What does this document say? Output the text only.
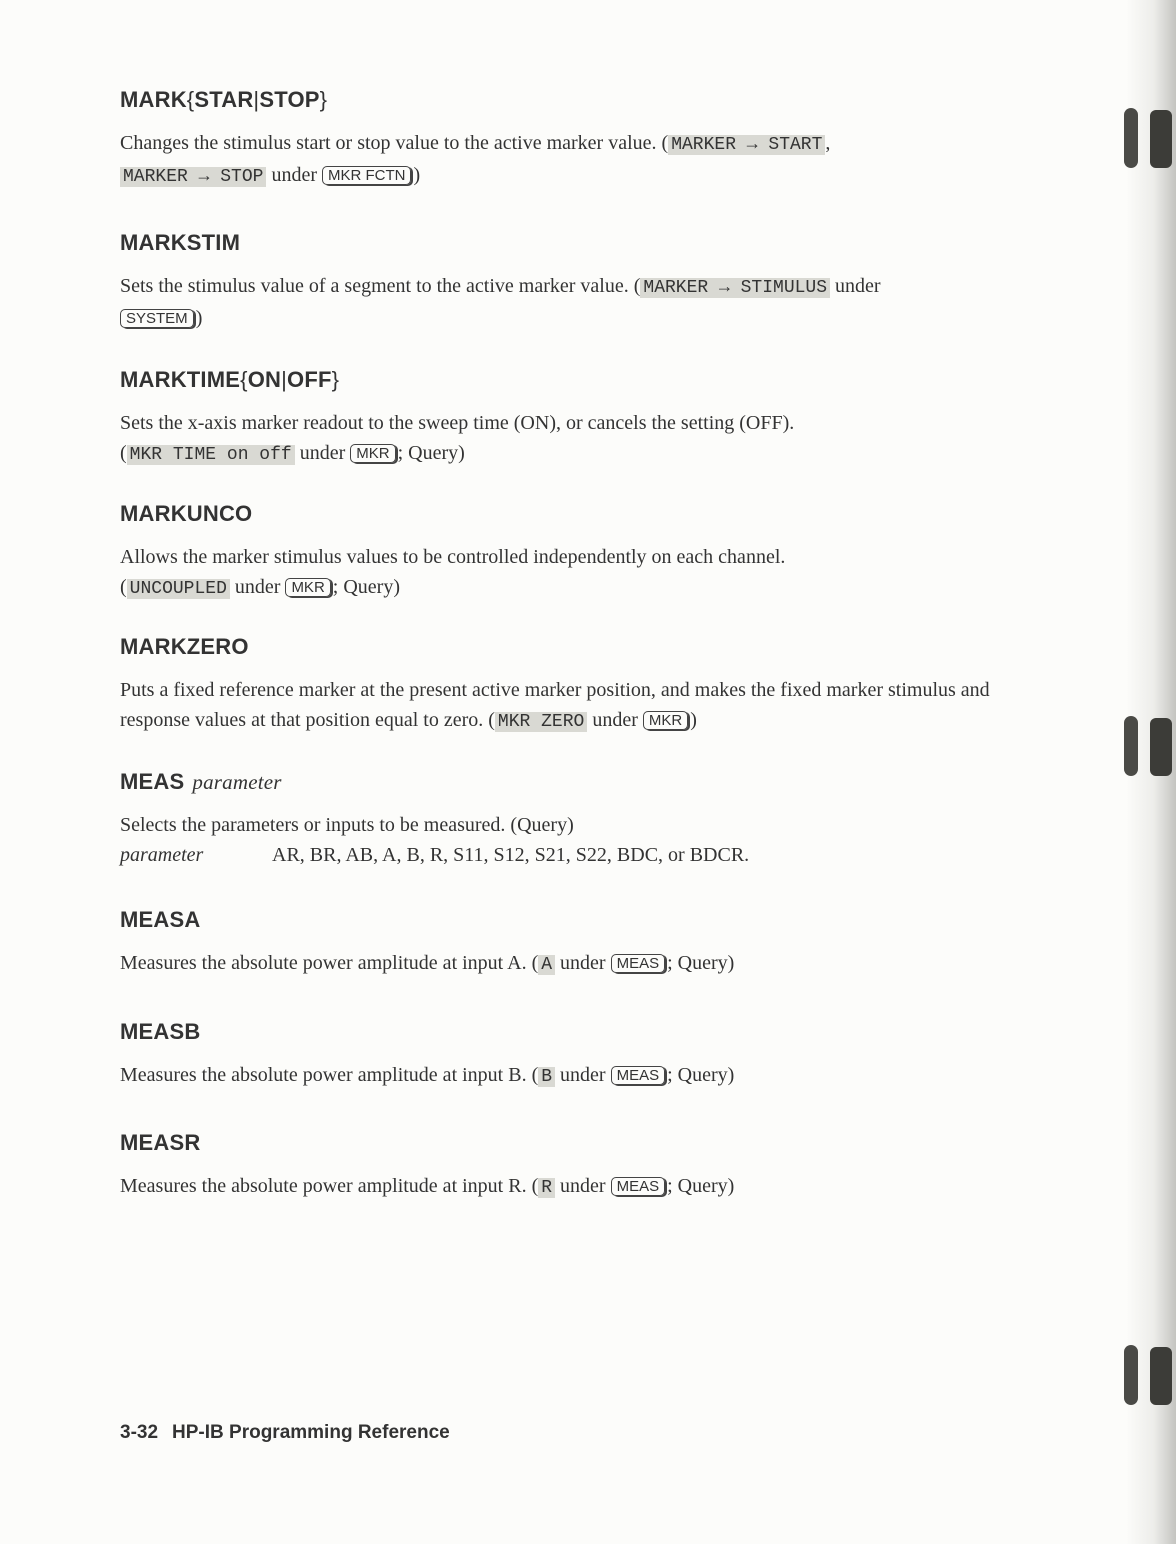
MARK{STAR|STOP}

Changes the stimulus start or stop value to the active marker value. ( MARKER → START ,
MARKER → STOP under MKR FCTN )

MARKSTIM

Sets the stimulus value of a segment to the active marker value. ( MARKER → STIMULUS under
SYSTEM )

MARKTIME{ON|OFF}

Sets the x-axis marker readout to the sweep time (ON), or cancels the setting (OFF).
( MKR TIME on off under MKR ; Query)

MARKUNCO

Allows the marker stimulus values to be controlled independently on each channel.
( UNCOUPLED under MKR ; Query)

MARKZERO

Puts a fixed reference marker at the present active marker position, and makes the fixed marker stimulus and response values at that position equal to zero. ( MKR ZERO under MKR )

MEAS parameter

Selects the parameters or inputs to be measured. (Query)

parameter	AR, BR, AB, A, B, R, S11, S12, S21, S22, BDC, or BDCR.
MEASA

Measures the absolute power amplitude at input A. ( A under MEAS ; Query)

MEASB

Measures the absolute power amplitude at input B. ( B under MEAS ; Query)

MEASR

Measures the absolute power amplitude at input R. ( R under MEAS ; Query)

3-32 HP-IB Programming Reference
